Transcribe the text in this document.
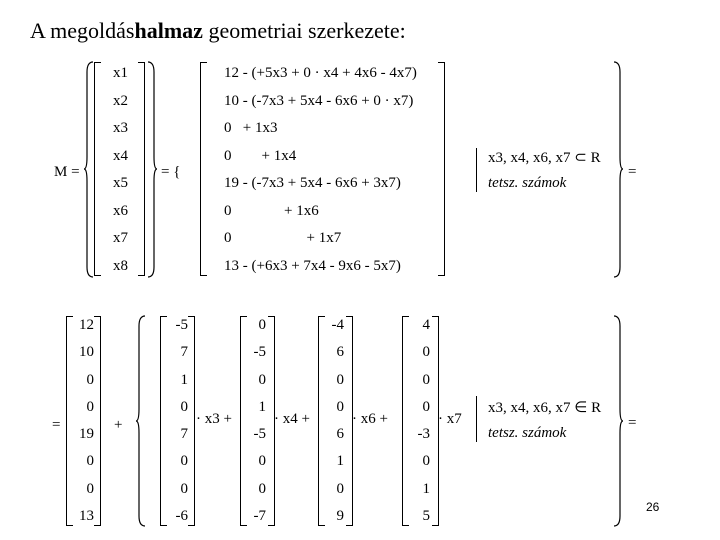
A megoldáshalmaz geometriai szerkezete:
M =
x1
x2
x3
x4
x5
x6
x7
x8
= {
12 - (+5x3 + 0 · x4 + 4x6 - 4x7)
10 - (-7x3 + 5x4 - 6x6 + 0 · x7)
0   + 1x3
0        + 1x4
19 - (-7x3 + 5x4 - 6x6 + 3x7)
0              + 1x6
0                    + 1x7
13 - (+6x3 + 7x4 - 9x6 - 5x7)
x3, x4, x6, x7 ⊂ R
tetsz. számok
=
=
12
10
0
0
19
0
0
13
+
-5
7
1
0
7
0
0
-6
· x3 +
0
-5
0
1
-5
0
0
-7
· x4 +
-4
6
0
0
6
1
0
9
· x6 +
4
0
0
0
-3
0
1
5
· x7
x3, x4, x6, x7 ∈ R
tetsz. számok
=
26
